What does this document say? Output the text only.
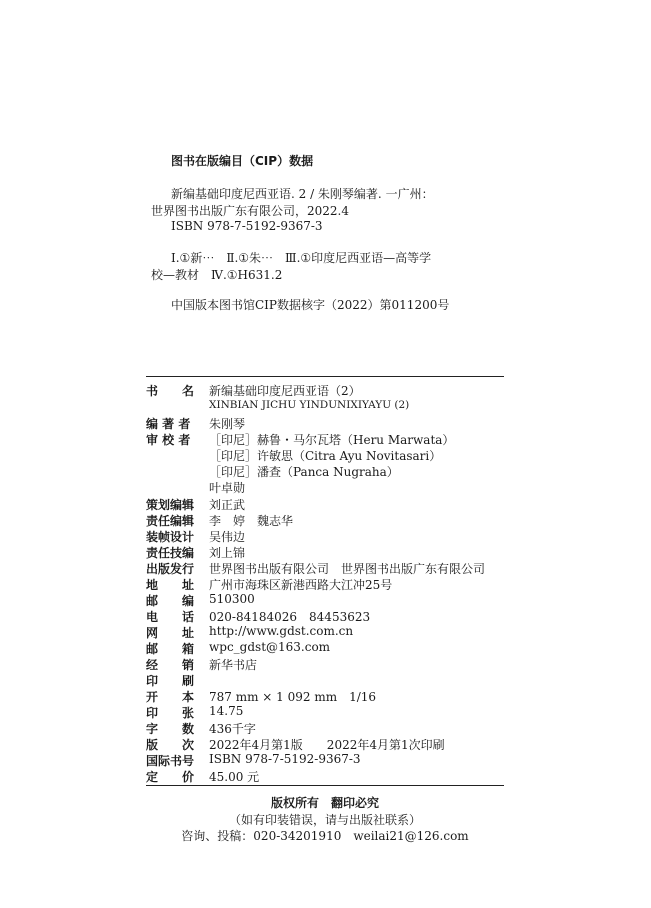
图书在版编目（CIP）数据
新编基础印度尼西亚语. 2 / 朱刚琴编著. 一广州：
世界图书出版广东有限公司，2022.4
ISBN 978-7-5192-9367-3
Ⅰ.①新⋯　Ⅱ.①朱⋯　Ⅲ.①印度尼西亚语—高等学
校—教材　Ⅳ.①H631.2
中国版本图书馆CIP数据核字（2022）第011200号
书　　名	新编基础印度尼西亚语（2）
XINBIAN JICHU YINDUNIXIYAYU (2)
编 著 者	朱刚琴
审 校 者	［印尼］赫鲁・马尔瓦塔（Heru Marwata）
［印尼］许敏思（Citra Ayu Novitasari）
［印尼］潘查（Panca Nugraha）
叶卓勋
策划编辑	刘正武
责任编辑	李　婷　魏志华
装帧设计	吴伟边
责任技编	刘上锦
出版发行	世界图书出版有限公司　世界图书出版广东有限公司
地　　址	广州市海珠区新港西路大江冲25号
邮　　编	510300
电　　话	020-84184026　84453623
网　　址	http://www.gdst.com.cn
邮　　箱	wpc_gdst@163.com
经　　销	新华书店
印　　刷
开　　本	787 mm × 1 092 mm　1/16
印　　张	14.75
字　　数	436千字
版　　次	2022年4月第1版　　2022年4月第1次印刷
国际书号	ISBN 978-7-5192-9367-3
定　　价	45.00 元
版权所有　翻印必究
（如有印装错误，请与出版社联系）
咨询、投稿：020-34201910　weilai21@126.com
